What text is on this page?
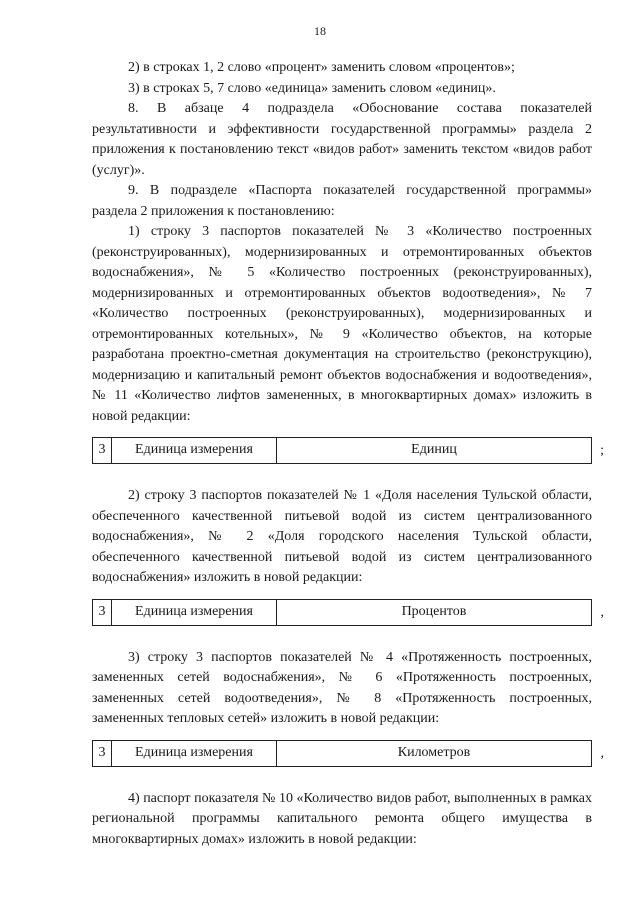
18

2) в строках 1, 2 слово «процент» заменить словом «процентов»;

3) в строках 5, 7 слово «единица» заменить словом «единиц».

8. В абзаце 4 подраздела «Обоснование состава показателей результативности и эффективности государственной программы» раздела 2 приложения к постановлению текст «видов работ» заменить текстом «видов работ (услуг)».

9. В подразделе «Паспорта показателей государственной программы» раздела 2 приложения к постановлению:

1) строку 3 паспортов показателей № 3 «Количество построенных (реконструированных), модернизированных и отремонтированных объектов водоснабжения», № 5 «Количество построенных (реконструированных), модернизированных и отремонтированных объектов водоотведения», № 7 «Количество построенных (реконструированных), модернизированных и отремонтированных котельных», № 9 «Количество объектов, на которые разработана проектно-сметная документация на строительство (реконструкцию), модернизацию и капитальный ремонт объектов водоснабжения и водоотведения», № 11 «Количество лифтов замененных, в многоквартирных домах» изложить в новой редакции:

3	Единица измерения	Единиц	;

2) строку 3 паспортов показателей № 1 «Доля населения Тульской области, обеспеченного качественной питьевой водой из систем централизованного водоснабжения», № 2 «Доля городского населения Тульской области, обеспеченного качественной питьевой водой из систем централизованного водоснабжения» изложить в новой редакции:

3	Единица измерения	Процентов	,

3) строку 3 паспортов показателей № 4 «Протяженность построенных, замененных сетей водоснабжения», № 6 «Протяженность построенных, замененных сетей водоотведения», № 8 «Протяженность построенных, замененных тепловых сетей» изложить в новой редакции:

3	Единица измерения	Километров	,

4) паспорт показателя № 10 «Количество видов работ, выполненных в рамках региональной программы капитального ремонта общего имущества в многоквартирных домах» изложить в новой редакции:
